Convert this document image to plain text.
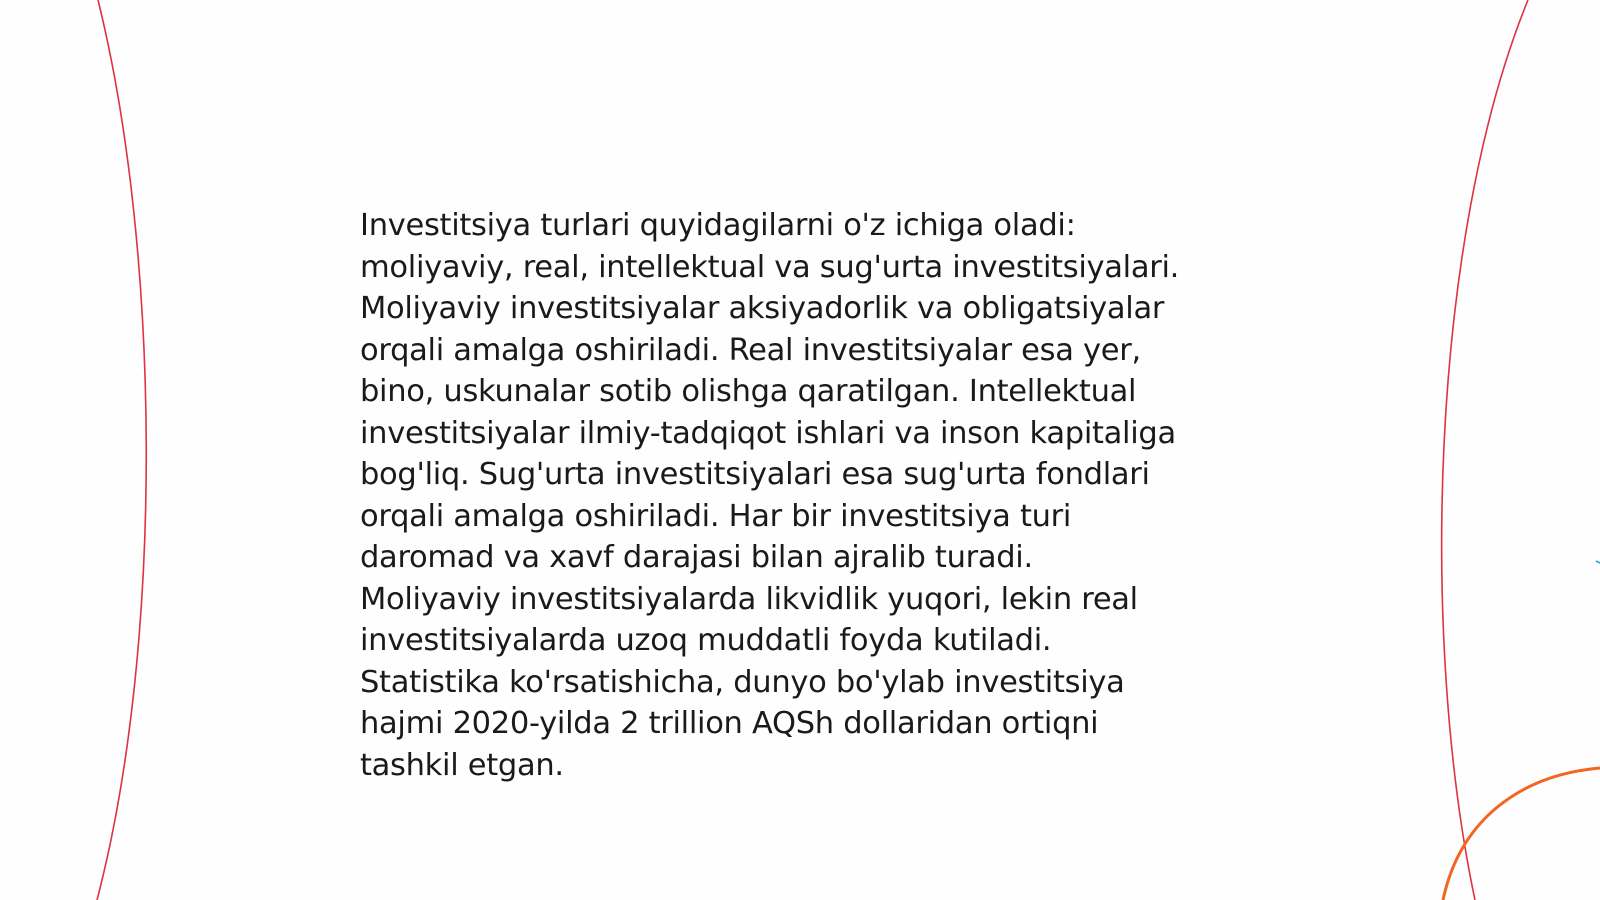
Investitsiya turlari quyidagilarni o'z ichiga oladi:
moliyaviy, real, intellektual va sug'urta investitsiyalari.
Moliyaviy investitsiyalar aksiyadorlik va obligatsiyalar
orqali amalga oshiriladi. Real investitsiyalar esa yer,
bino, uskunalar sotib olishga qaratilgan. Intellektual
investitsiyalar ilmiy-tadqiqot ishlari va inson kapitaliga
bog'liq. Sug'urta investitsiyalari esa sug'urta fondlari
orqali amalga oshiriladi. Har bir investitsiya turi
daromad va xavf darajasi bilan ajralib turadi.
Moliyaviy investitsiyalarda likvidlik yuqori, lekin real
investitsiyalarda uzoq muddatli foyda kutiladi.
Statistika ko'rsatishicha, dunyo bo'ylab investitsiya
hajmi 2020-yilda 2 trillion AQSh dollaridan ortiqni
tashkil etgan.
